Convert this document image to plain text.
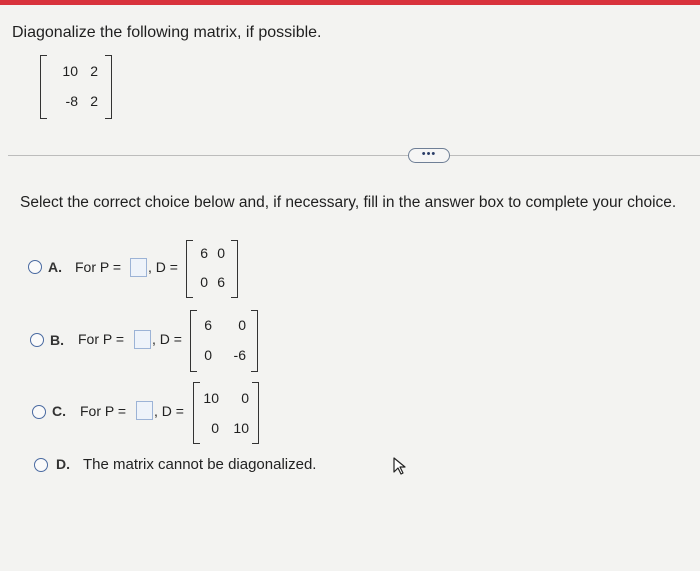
Diagonalize the following matrix, if possible.
10 2
-8 2
•••
Select the correct choice below and, if necessary, fill in the answer box to complete your choice.
A. For P = , D =
6 0
0 6
B. For P = , D =
6	0
0	-6
C. For P = , D =
10	0
0	10
D. The matrix cannot be diagonalized.
